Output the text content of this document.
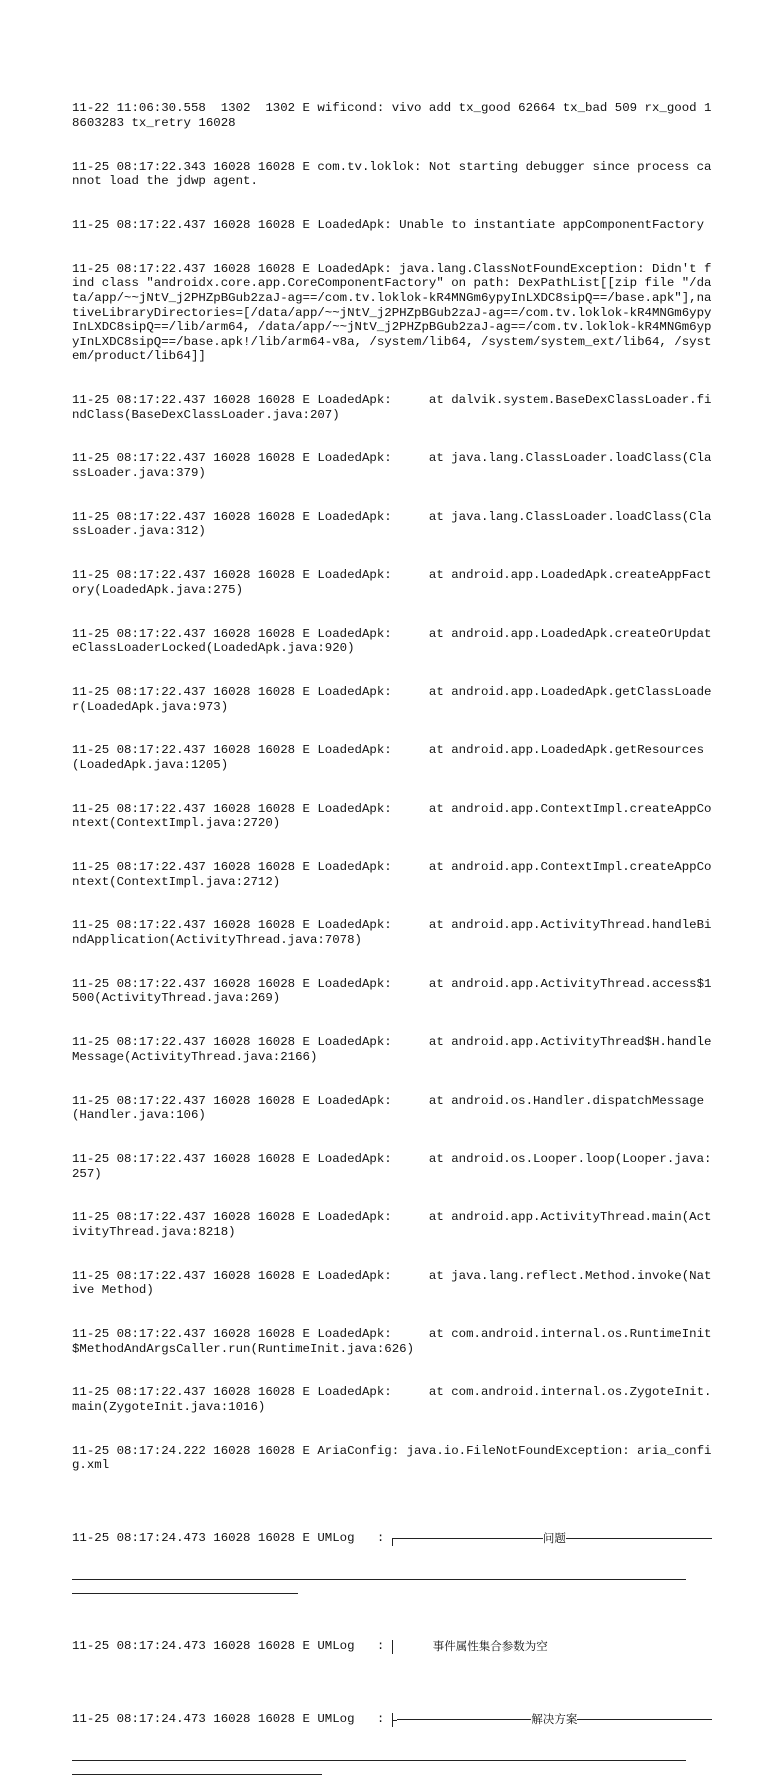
11-22 11:06:30.558  1302  1302 E wificond: vivo add tx_good 62664 tx_bad 509 rx_good 18603283 tx_retry 16028

11-25 08:17:22.343 16028 16028 E com.tv.loklok: Not starting debugger since process cannot load the jdwp agent.

11-25 08:17:22.437 16028 16028 E LoadedApk: Unable to instantiate appComponentFactory

11-25 08:17:22.437 16028 16028 E LoadedApk: java.lang.ClassNotFoundException: Didn't find class "androidx.core.app.CoreComponentFactory" on path: DexPathList[[zip file "/data/app/~~jNtV_j2PHZpBGub2zaJ-ag==/com.tv.loklok-kR4MNGm6ypyInLXDC8sipQ==/base.apk"],nativeLibraryDirectories=[/data/app/~~jNtV_j2PHZpBGub2zaJ-ag==/com.tv.loklok-kR4MNGm6ypyInLXDC8sipQ==/lib/arm64, /data/app/~~jNtV_j2PHZpBGub2zaJ-ag==/com.tv.loklok-kR4MNGm6ypyInLXDC8sipQ==/base.apk!/lib/arm64-v8a, /system/lib64, /system/system_ext/lib64, /system/product/lib64]]

11-25 08:17:22.437 16028 16028 E LoadedApk:     at dalvik.system.BaseDexClassLoader.findClass(BaseDexClassLoader.java:207)

11-25 08:17:22.437 16028 16028 E LoadedApk:     at java.lang.ClassLoader.loadClass(ClassLoader.java:379)

11-25 08:17:22.437 16028 16028 E LoadedApk:     at java.lang.ClassLoader.loadClass(ClassLoader.java:312)

11-25 08:17:22.437 16028 16028 E LoadedApk:     at android.app.LoadedApk.createAppFactory(LoadedApk.java:275)

11-25 08:17:22.437 16028 16028 E LoadedApk:     at android.app.LoadedApk.createOrUpdateClassLoaderLocked(LoadedApk.java:920)

11-25 08:17:22.437 16028 16028 E LoadedApk:     at android.app.LoadedApk.getClassLoader(LoadedApk.java:973)

11-25 08:17:22.437 16028 16028 E LoadedApk:     at android.app.LoadedApk.getResources(LoadedApk.java:1205)

11-25 08:17:22.437 16028 16028 E LoadedApk:     at android.app.ContextImpl.createAppContext(ContextImpl.java:2720)

11-25 08:17:22.437 16028 16028 E LoadedApk:     at android.app.ContextImpl.createAppContext(ContextImpl.java:2712)

11-25 08:17:22.437 16028 16028 E LoadedApk:     at android.app.ActivityThread.handleBindApplication(ActivityThread.java:7078)

11-25 08:17:22.437 16028 16028 E LoadedApk:     at android.app.ActivityThread.access$1500(ActivityThread.java:269)

11-25 08:17:22.437 16028 16028 E LoadedApk:     at android.app.ActivityThread$H.handleMessage(ActivityThread.java:2166)

11-25 08:17:22.437 16028 16028 E LoadedApk:     at android.os.Handler.dispatchMessage(Handler.java:106)

11-25 08:17:22.437 16028 16028 E LoadedApk:     at android.os.Looper.loop(Looper.java:257)

11-25 08:17:22.437 16028 16028 E LoadedApk:     at android.app.ActivityThread.main(ActivityThread.java:8218)

11-25 08:17:22.437 16028 16028 E LoadedApk:     at java.lang.reflect.Method.invoke(Native Method)

11-25 08:17:22.437 16028 16028 E LoadedApk:     at com.android.internal.os.RuntimeInit$MethodAndArgsCaller.run(RuntimeInit.java:626)

11-25 08:17:22.437 16028 16028 E LoadedApk:     at com.android.internal.os.ZygoteInit.main(ZygoteInit.java:1016)

11-25 08:17:24.222 16028 16028 E AriaConfig: java.io.FileNotFoundException: aria_config.xml

11-25 08:17:24.473 16028 16028 E UMLog   :	问题

11-25 08:17:24.473 16028 16028 E UMLog   :	事件属性集合参数为空

11-25 08:17:24.473 16028 16028 E UMLog   :	解决方案
